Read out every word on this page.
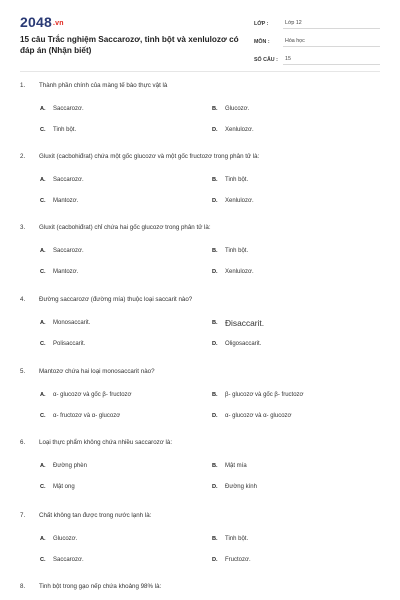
2048.vn
15 câu Trắc nghiệm Saccarozơ, tinh bột và xenlulozơ có đáp án (Nhận biết)
LỚP :	Lớp 12
MÔN :	Hóa học
SỐ CÂU :	15
1.	Thành phần chính của màng tế bào thực vật là
A.	Saccarozơ.	B.	Glucozơ.
C.	Tinh bột.	D.	Xenlulozơ.
2.	Gluxit (cacbohiđrat) chứa một gốc glucozơ và một gốc fructozơ trong phân tử là:
A.	Saccarozơ.	B.	Tinh bột.
C.	Mantozơ.	D.	Xenlulozơ.
3.	Gluxit (cacbohiđrat) chỉ chứa hai gốc glucozơ trong phân tử là:
A.	Saccarozơ.	B.	Tinh bột.
C.	Mantozơ.	D.	Xenlulozơ.
4.	Đường saccarozơ (đường mía) thuộc loại saccarit nào?
A.	Monosaccarit.	B. Đisaccarit.
C.	Polisaccarit.	D.	Oligosaccarit.
5.	Mantozơ chứa hai loại monosaccarit nào?
A.	α- glucozơ và gốc β- fructozơ	B.	β- glucozơ và gốc β- fructozơ
C.	α- fructozơ và α- glucozơ	D.	α- glucozơ và α- glucozơ
6.	Loại thực phẩm không chứa nhiều saccarozơ là:
A.	Đường phèn	B.	Mật mía
C.	Mật ong	D.	Đường kính
7.	Chất không tan được trong nước lạnh là:
A.	Glucozơ.	B.	Tinh bột.
C.	Saccarozơ.	D.	Fructozơ.
8.	Tinh bột trong gạo nếp chứa khoảng 98% là:
